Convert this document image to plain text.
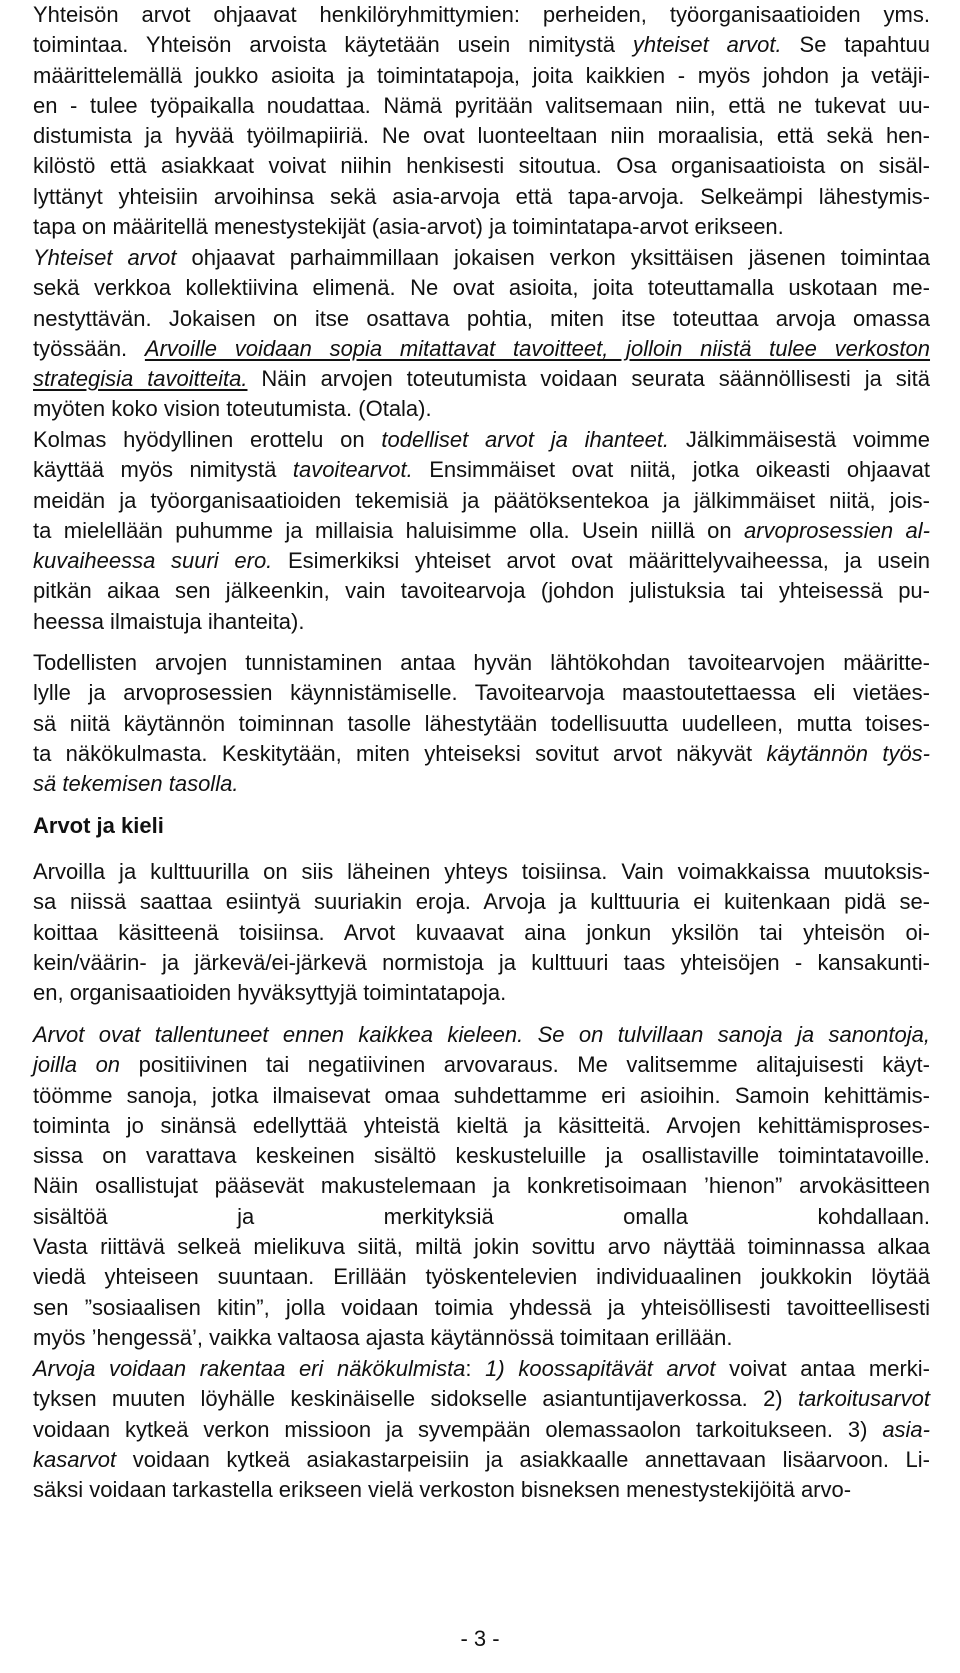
Yhteisön arvot ohjaavat henkilöryhmittymien: perheiden, työorganisaatioiden yms.
toimintaa. Yhteisön arvoista käytetään usein nimitystä yhteiset arvot. Se tapahtuu
määrittelemällä joukko asioita ja toimintatapoja, joita kaikkien - myös johdon ja vetäji-
en - tulee työpaikalla noudattaa. Nämä pyritään valitsemaan niin, että ne tukevat uu-
distumista ja hyvää työilmapiiriä. Ne ovat luonteeltaan niin moraalisia, että sekä hen-
kilöstö että asiakkaat voivat niihin henkisesti sitoutua. Osa organisaatioista on sisäl-
lyttänyt yhteisiin arvoihinsa sekä asia-arvoja että tapa-arvoja. Selkeämpi lähestymis-
tapa on määritellä menestystekijät (asia-arvot) ja toimintatapa-arvot erikseen.
Yhteiset arvot ohjaavat parhaimmillaan jokaisen verkon yksittäisen jäsenen toimintaa
sekä verkkoa kollektiivina elimenä. Ne ovat asioita, joita toteuttamalla uskotaan me-
nestyttävän. Jokaisen on itse osattava pohtia, miten itse toteuttaa arvoja omassa
työssään. Arvoille voidaan sopia mitattavat tavoitteet, jolloin niistä tulee verkoston
strategisia tavoitteita. Näin arvojen toteutumista voidaan seurata säännöllisesti ja sitä
myöten koko vision toteutumista. (Otala).
Kolmas hyödyllinen erottelu on todelliset arvot ja ihanteet. Jälkimmäisestä voimme
käyttää myös nimitystä tavoitearvot. Ensimmäiset ovat niitä, jotka oikeasti ohjaavat
meidän ja työorganisaatioiden tekemisiä ja päätöksentekoa ja jälkimmäiset niitä, jois-
ta mielellään puhumme ja millaisia haluisimme olla. Usein niillä on arvoprosessien al-
kuvaiheessa suuri ero. Esimerkiksi yhteiset arvot ovat määrittelyvaiheessa, ja usein
pitkän aikaa sen jälkeenkin, vain tavoitearvoja (johdon julistuksia tai yhteisessä pu-
heessa ilmaistuja ihanteita).
Todellisten arvojen tunnistaminen antaa hyvän lähtökohdan tavoitearvojen määritte-
lylle ja arvoprosessien käynnistämiselle. Tavoitearvoja maastoutettaessa eli vietäes-
sä niitä käytännön toiminnan tasolle lähestytään todellisuutta uudelleen, mutta toises-
ta näkökulmasta. Keskitytään, miten yhteiseksi sovitut arvot näkyvät käytännön työs-
sä tekemisen tasolla.
Arvot ja kieli
Arvoilla ja kulttuurilla on siis läheinen yhteys toisiinsa. Vain voimakkaissa muutoksis-
sa niissä saattaa esiintyä suuriakin eroja. Arvoja ja kulttuuria ei kuitenkaan pidä se-
koittaa käsitteenä toisiinsa. Arvot kuvaavat aina jonkun yksilön tai yhteisön oi-
kein/väärin- ja järkevä/ei-järkevä normistoja ja kulttuuri taas yhteisöjen - kansakunti-
en, organisaatioiden hyväksyttyjä toimintatapoja.
Arvot ovat tallentuneet ennen kaikkea kieleen. Se on tulvillaan sanoja ja sanontoja,
joilla on positiivinen tai negatiivinen arvovaraus. Me valitsemme alitajuisesti käyt-
töömme sanoja, jotka ilmaisevat omaa suhdettamme eri asioihin. Samoin kehittämis-
toiminta jo sinänsä edellyttää yhteistä kieltä ja käsitteitä. Arvojen kehittämisproses-
sissa on varattava keskeinen sisältö keskusteluille ja osallistaville toimintatavoille.
Näin osallistujat pääsevät makustelemaan ja konkretisoimaan ’hienon” arvokäsitteen
sisältöä ja merkityksiä omalla kohdallaan.
Vasta riittävä selkeä mielikuva siitä, miltä jokin sovittu arvo näyttää toiminnassa alkaa
viedä yhteiseen suuntaan. Erillään työskentelevien individuaalinen joukkokin löytää
sen ”sosiaalisen kitin”, jolla voidaan toimia yhdessä ja yhteisöllisesti tavoitteellisesti
myös ’hengessä’, vaikka valtaosa ajasta käytännössä toimitaan erillään.
Arvoja voidaan rakentaa eri näkökulmista: 1) koossapitävät arvot voivat antaa merki-
tyksen muuten löyhälle keskinäiselle sidokselle asiantuntijaverkossa. 2) tarkoitusarvot
voidaan kytkeä verkon missioon ja syvempään olemassaolon tarkoitukseen. 3) asia-
kasarvot voidaan kytkeä asiakastarpeisiin ja asiakkaalle annettavaan lisäarvoon. Li-
säksi voidaan tarkastella erikseen vielä verkoston bisneksen menestystekijöitä arvo-
- 3 -
